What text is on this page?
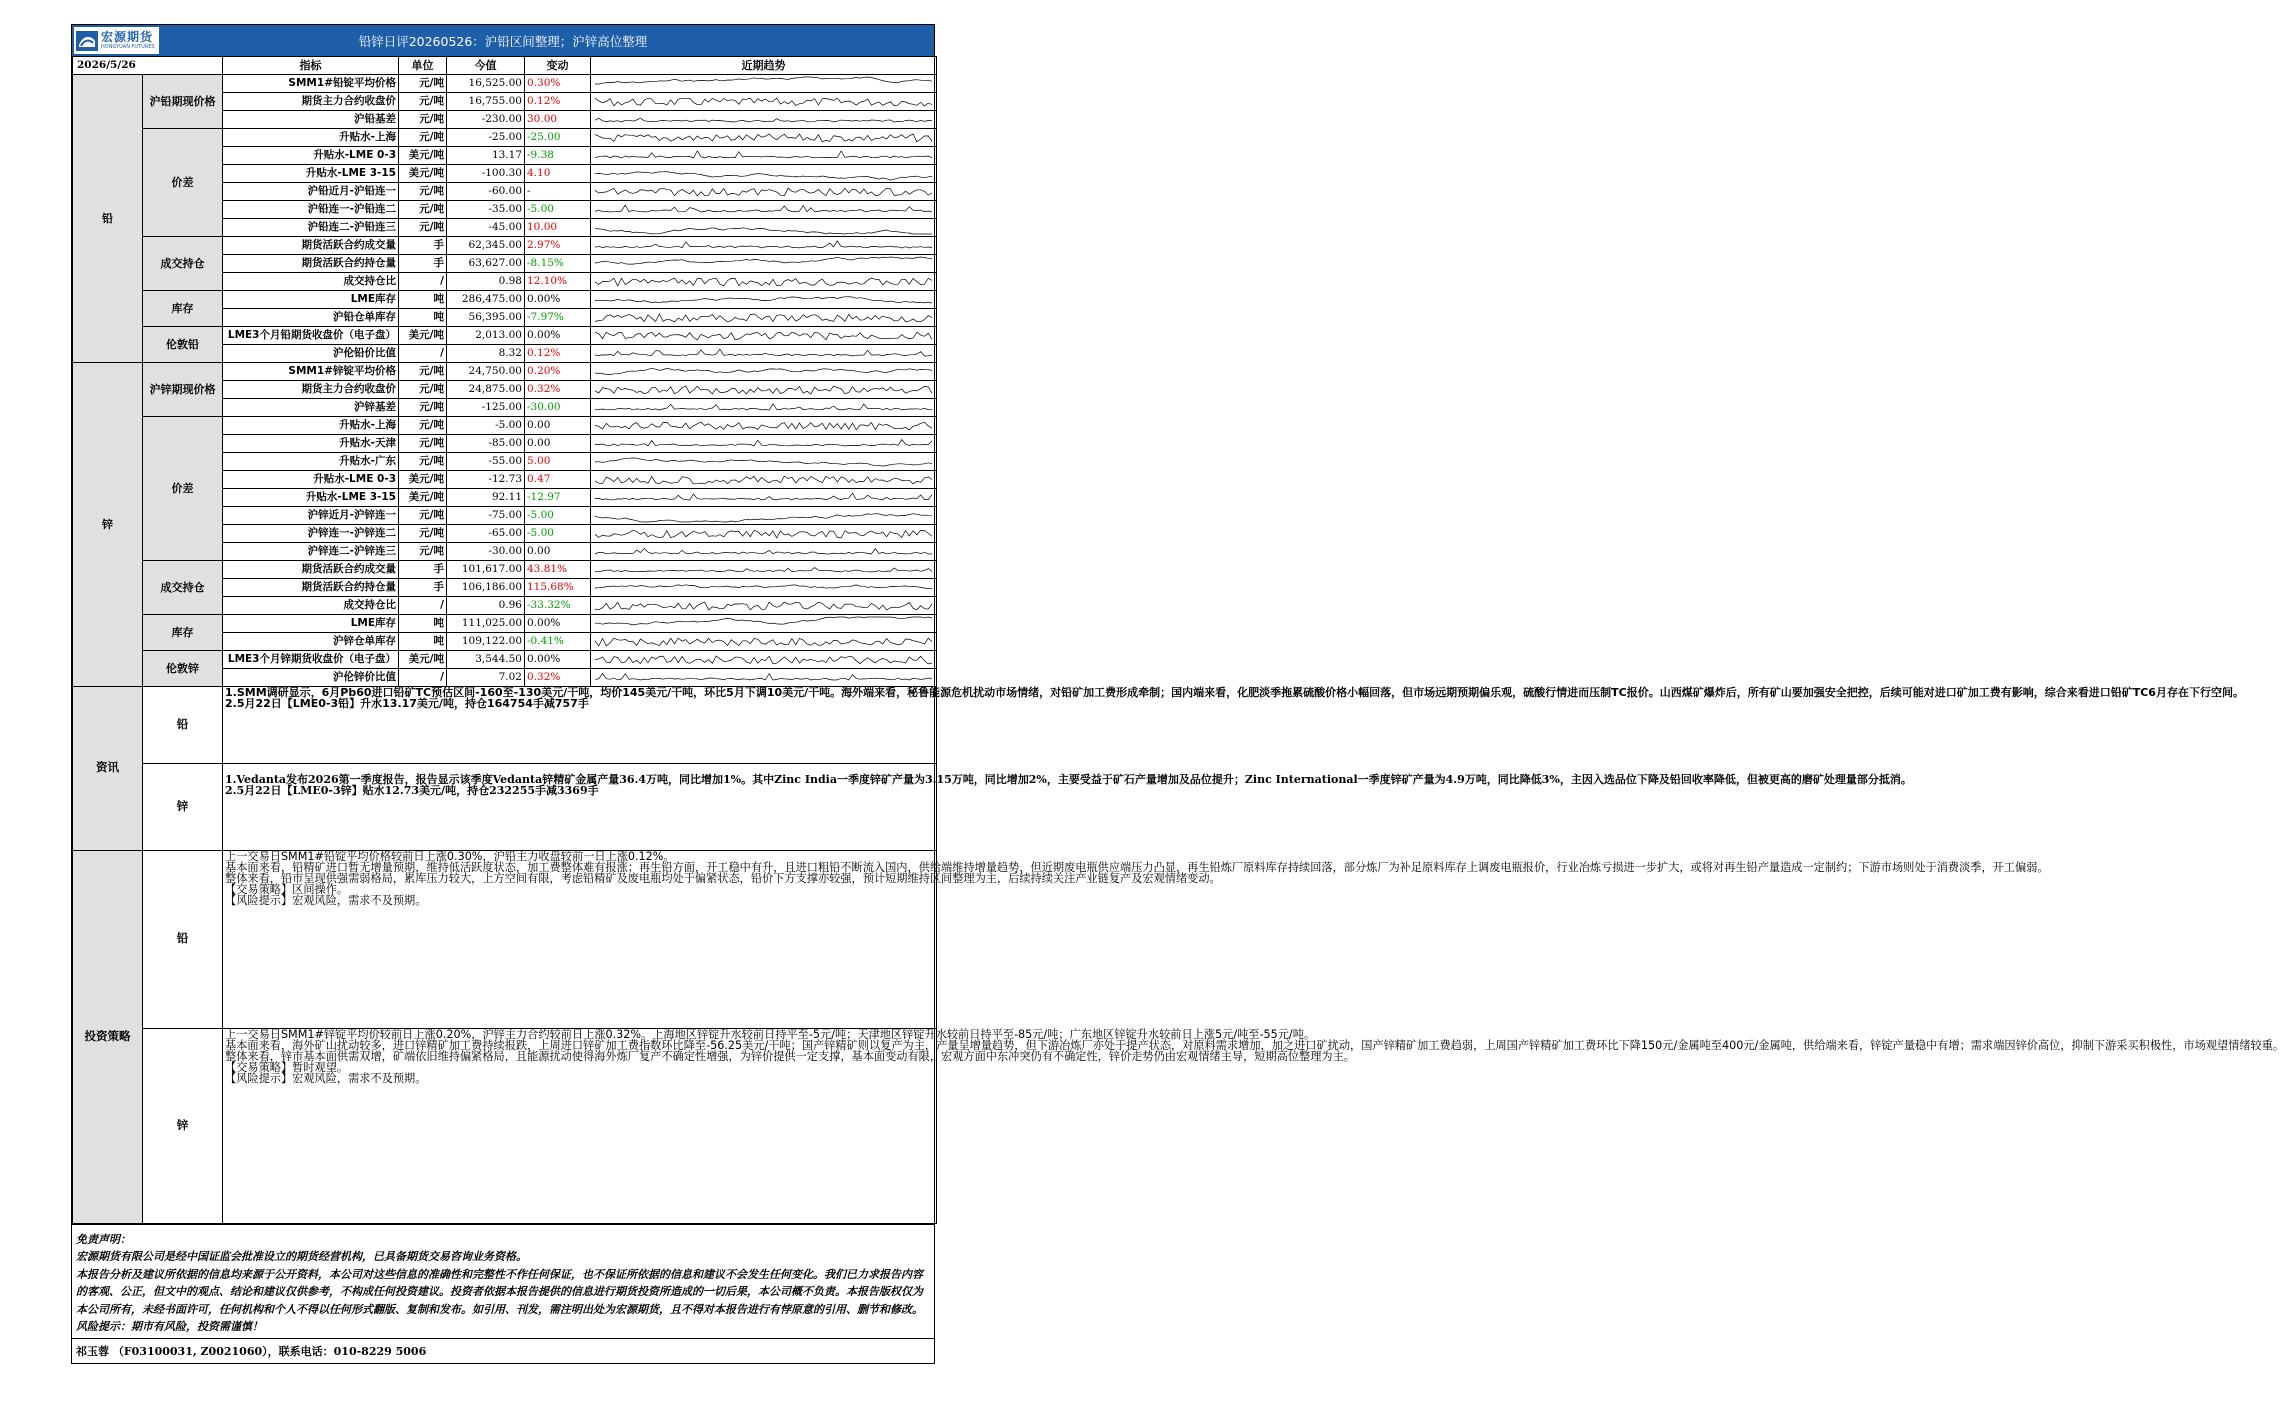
宏源期货
HONGYUAN FUTURES	铅锌日评20260526：沪铅区间整理；沪锌高位整理
2026/5/26		指标	单位	今值	变动	近期趋势
铅	沪铅期现价格	SMM1#铅锭平均价格	元/吨	16,525.00	0.30%	

		期货主力合约收盘价	元/吨	16,755.00	0.12%	

		沪铅基差	元/吨	-230.00	30.00	

	价差	升贴水-上海	元/吨	-25.00	-25.00	

		升贴水-LME 0-3	美元/吨	13.17	-9.38	

		升贴水-LME 3-15	美元/吨	-100.30	4.10	

		沪铅近月-沪铅连一	元/吨	-60.00	-	

		沪铅连一-沪铅连二	元/吨	-35.00	-5.00	

		沪铅连二-沪铅连三	元/吨	-45.00	10.00	

	成交持仓	期货活跃合约成交量	手	62,345.00	2.97%	

		期货活跃合约持仓量	手	63,627.00	-8.15%	

		成交持仓比	/	0.98	12.10%	

	库存	LME库存	吨	286,475.00	0.00%	

		沪铅仓单库存	吨	56,395.00	-7.97%	

	伦敦铅	LME3个月铅期货收盘价（电子盘）	美元/吨	2,013.00	0.00%	

		沪伦铅价比值	/	8.32	0.12%	

锌	沪锌期现价格	SMM1#锌锭平均价格	元/吨	24,750.00	0.20%	

		期货主力合约收盘价	元/吨	24,875.00	0.32%	

		沪锌基差	元/吨	-125.00	-30.00	

	价差	升贴水-上海	元/吨	-5.00	0.00	

		升贴水-天津	元/吨	-85.00	0.00	

		升贴水-广东	元/吨	-55.00	5.00	

		升贴水-LME 0-3	美元/吨	-12.73	0.47	

		升贴水-LME 3-15	美元/吨	92.11	-12.97	

		沪锌近月-沪锌连一	元/吨	-75.00	-5.00	

		沪锌连一-沪锌连二	元/吨	-65.00	-5.00	

		沪锌连二-沪锌连三	元/吨	-30.00	0.00	

	成交持仓	期货活跃合约成交量	手	101,617.00	43.81%	

		期货活跃合约持仓量	手	106,186.00	115.68%	

		成交持仓比	/	0.96	-33.32%	

	库存	LME库存	吨	111,025.00	0.00%	

		沪锌仓单库存	吨	109,122.00	-0.41%	

	伦敦锌	LME3个月锌期货收盘价（电子盘）	美元/吨	3,544.50	0.00%	

		沪伦锌价比值	/	7.02	0.32%	

资讯	铅	1.SMM调研显示，6月Pb60进口铅矿TC预估区间-160至-130美元/干吨，均价145美元/干吨，环比5月下调10美元/干吨。海外端来看，秘鲁能源危机扰动市场情绪，对铅矿加工费形成牵制；国内端来看，化肥淡季拖累硫酸价格小幅回落，但市场远期预期偏乐观，硫酸行情进而压制TC报价。山西煤矿爆炸后，所有矿山要加强安全把控，后续可能对进口矿加工费有影响，综合来看进口铅矿TC6月存在下行空间。

2.5月22日【LME0-3铅】升水13.17美元/吨，持仓164754手减757手				

	锌	1.Vedanta发布2026第一季度报告，报告显示该季度Vedanta锌精矿金属产量36.4万吨，同比增加1%。其中Zinc India一季度锌矿产量为3.15万吨，同比增加2%，主要受益于矿石产量增加及品位提升；Zinc International一季度锌矿产量为4.9万吨，同比降低3%，主因入选品位下降及铅回收率降低，但被更高的磨矿处理量部分抵消。

2.5月22日【LME0-3锌】贴水12.73美元/吨，持仓232255手减3369手				

投资策略	铅	上一交易日SMM1#铅锭平均价格较前日上涨0.30%，沪铅主力收盘较前一日上涨0.12%。

基本面来看，铅精矿进口暂无增量预期，维持低活跃度状态，加工费整体难有报涨；再生铅方面，开工稳中有升，且进口粗铅不断流入国内，供给端维持增量趋势，但近期废电瓶供应端压力凸显，再生铅炼厂原料库存持续回落，部分炼厂为补足原料库存上调废电瓶报价，行业冶炼亏损进一步扩大，或将对再生铅产量造成一定制约；下游市场则处于消费淡季，开工偏弱。

整体来看，铅市呈现供强需弱格局，累库压力较大，上方空间有限，考虑铅精矿及废电瓶均处于偏紧状态，铅价下方支撑亦较强，预计短期维持区间整理为主，后续持续关注产业链复产及宏观情绪变动。

【交易策略】区间操作。

【风险提示】宏观风险，需求不及预期。				

	锌	上一交易日SMM1#锌锭平均价较前日上涨0.20%，沪锌主力合约较前日上涨0.32%。上海地区锌锭升水较前日持平至-5元/吨；天津地区锌锭升水较前日持平至-85元/吨；广东地区锌锭升水较前日上涨5元/吨至-55元/吨。

基本面来看，海外矿山扰动较多，进口锌精矿加工费持续报跌，上周进口锌矿加工费指数环比降至-56.25美元/干吨；国产锌精矿则以复产为主，产量呈增量趋势，但下游冶炼厂亦处于提产状态，对原料需求增加，加之进口矿扰动，国产锌精矿加工费趋弱，上周国产锌精矿加工费环比下降150元/金属吨至400元/金属吨，供给端来看，锌锭产量稳中有增；需求端因锌价高位，抑制下游采买积极性，市场观望情绪较重。

整体来看，锌市基本面供需双增，矿端依旧维持偏紧格局，且能源扰动使得海外炼厂复产不确定性增强，为锌价提供一定支撑，基本面变动有限，宏观方面中东冲突仍有不确定性，锌价走势仍由宏观情绪主导，短期高位整理为主。

【交易策略】暂时观望。

【风险提示】宏观风险，需求不及预期。				

免责声明：

宏源期货有限公司是经中国证监会批准设立的期货经营机构，已具备期货交易咨询业务资格。

本报告分析及建议所依据的信息均来源于公开资料，本公司对这些信息的准确性和完整性不作任何保证，也不保证所依据的信息和建议不会发生任何变化。我们已力求报告内容的客观、公正，但文中的观点、结论和建议仅供参考，不构成任何投资建议。投资者依据本报告提供的信息进行期货投资所造成的一切后果，本公司概不负责。本报告版权仅为本公司所有，未经书面许可，任何机构和个人不得以任何形式翻版、复制和发布。如引用、刊发，需注明出处为宏源期货，且不得对本报告进行有悖原意的引用、删节和修改。

风险提示：期市有风险，投资需谨慎！

祁玉蓉 （F03100031, Z0021060），联系电话：010-8229 5006
